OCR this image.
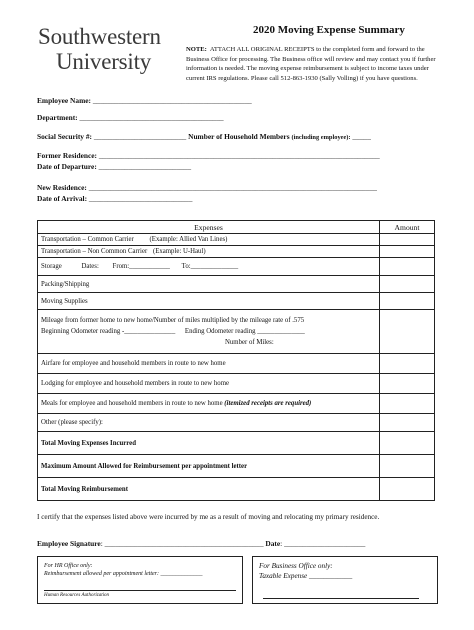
Southwestern
University
2020 Moving Expense Summary
NOTE: ATTACH ALL ORIGINAL RECEIPTS to the completed form and forward to the Business Office for processing. The Business office will review and may contact you if further information is needed. The moving expense reimbursement is subject to income taxes under current IRS regulations. Please call 512-863-1930 (Sally Volling) if you have questions.
Employee Name: ___________________________________________
Department: _______________________________________
Social Security #: _________________________ Number of Household Members (including employee): _____
Former Residence: ____________________________________________________________________________
Date of Departure: _________________________
New Residence: ______________________________________________________________________________
Date of Arrival: ____________________________
Expenses	Amount
Transportation – Common Carrier (Example: Allied Van Lines)	
Transportation – Non Common Carrier (Example: U-Haul)	
Storage Dates: From:____________ To:______________	
Packing/Shipping	
Moving Supplies	

Mileage from former home to new home/Number of miles multiplied by the mileage rate of .575
Beginning Odometer reading -_______________ Ending Odometer reading ______________
Number of Miles:	

Airfare for employee and household members in route to new home	
Lodging for employee and household members in route to new home	
Meals for employee and household members in route to new home (itemized receipts are required)	
Other (please specify):	
Total Moving Expenses Incurred	
Maximum Amount Allowed for Reimbursement per appointment letter	
Total Moving Reimbursement	
I certify that the expenses listed above were incurred by me as a result of moving and relocating my primary residence.
Employee Signature: ___________________________________________ Date: ______________________
For HR Office only:
Reimbursement allowed per appointment letter: ______________
Human Resources Authorization
For Business Office only:
Taxable Expense ____________
